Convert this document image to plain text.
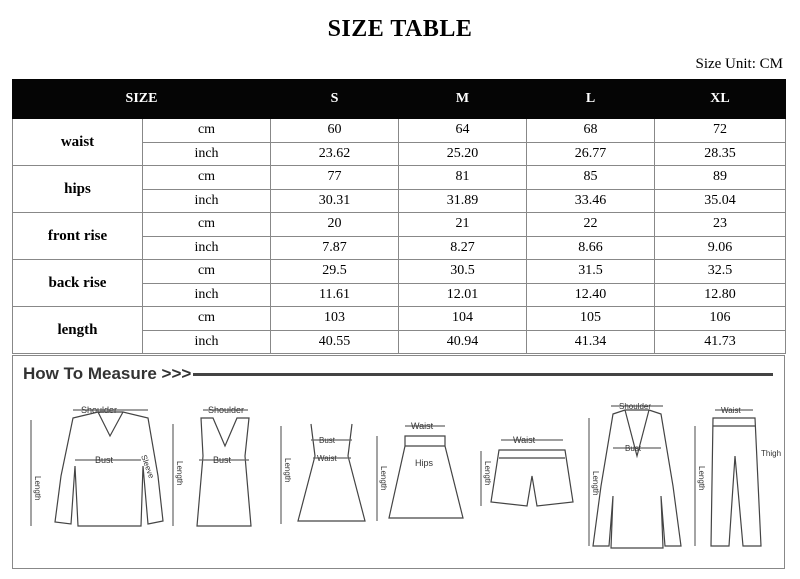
SIZE TABLE
Size Unit: CM
SIZE		S	M	L	XL
waist	cm	60	64	68	72
	inch	23.62	25.20	26.77	28.35
hips	cm	77	81	85	89
	inch	30.31	31.89	33.46	35.04
front rise	cm	20	21	22	23
	inch	7.87	8.27	8.66	9.06
back rise	cm	29.5	30.5	31.5	32.5
	inch	11.61	12.01	12.40	12.80
length	cm	103	104	105	106
	inch	40.55	40.94	41.34	41.73
How To Measure >>>
Length
Shoulder
Bust	Sleeve Length
Shoulder
Bust	Length
Bust
Waist
Length
Waist
Hips	Length
Waist
Length
Shoulder
Bust
Length
Waist
Thigh
